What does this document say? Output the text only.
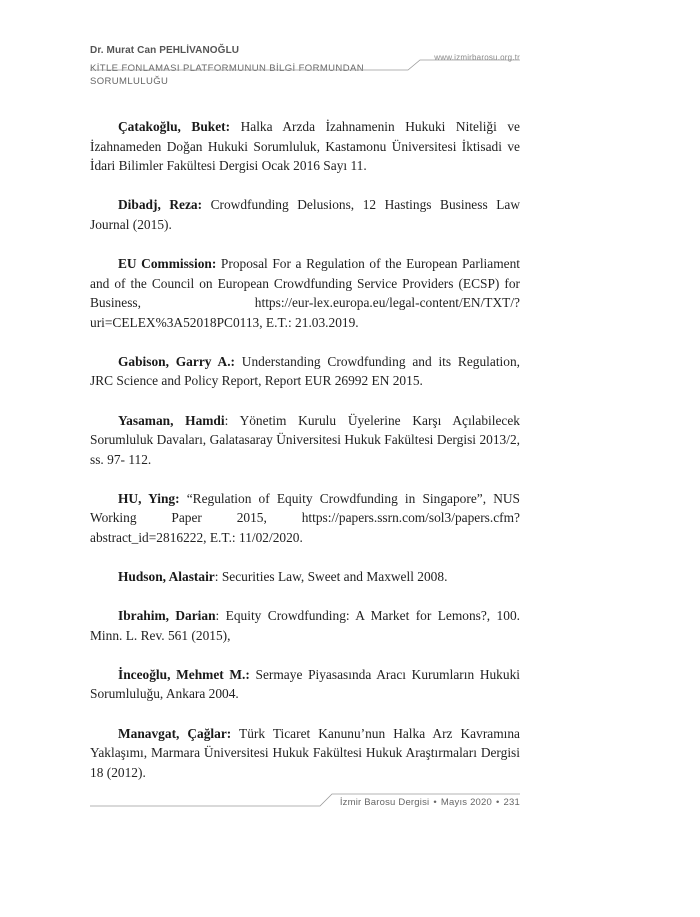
Dr. Murat Can PEHLİVANOĞLU
KİTLE FONLAMASI PLATFORMUNUN BİLGİ FORMUNDAN SORUMLULUĞU
www.izmirbarosu.org.tr

Çatakoğlu, Buket: Halka Arzda İzahnamenin Hukuki Niteliği ve İzahnameden Doğan Hukuki Sorumluluk, Kastamonu Üniversitesi İktisadi ve İdari Bilimler Fakültesi Dergisi Ocak 2016 Sayı 11.

Dibadj, Reza: Crowdfunding Delusions, 12 Hastings Business Law Journal (2015).

EU Commission: Proposal For a Regulation of the European Parliament and of the Council on European Crowdfunding Service Providers (ECSP) for Business, https://eur-lex.europa.eu/legal-content/EN/TXT/?uri=CELEX%3A52018PC0113, E.T.: 21.03.2019.

Gabison, Garry A.: Understanding Crowdfunding and its Regulation, JRC Science and Policy Report, Report EUR 26992 EN 2015.

Yasaman, Hamdi: Yönetim Kurulu Üyelerine Karşı Açılabilecek Sorumluluk Davaları, Galatasaray Üniversitesi Hukuk Fakültesi Dergisi 2013/2, ss. 97- 112.

HU, Ying: “Regulation of Equity Crowdfunding in Singapore”, NUS Working Paper 2015, https://papers.ssrn.com/sol3/papers.cfm?abstract_id=2816222, E.T.: 11/02/2020.

Hudson, Alastair: Securities Law, Sweet and Maxwell 2008.

Ibrahim, Darian: Equity Crowdfunding: A Market for Lemons?, 100. Minn. L. Rev. 561 (2015),

İnceoğlu, Mehmet M.: Sermaye Piyasasında Aracı Kurumların Hukuki Sorumluluğu, Ankara 2004.

Manavgat, Çağlar: Türk Ticaret Kanunu’nun Halka Arz Kavramına Yaklaşımı, Marmara Üniversitesi Hukuk Fakültesi Hukuk Araştırmaları Dergisi 18 (2012).

İzmir Barosu Dergisi • Mayıs 2020 • 231
